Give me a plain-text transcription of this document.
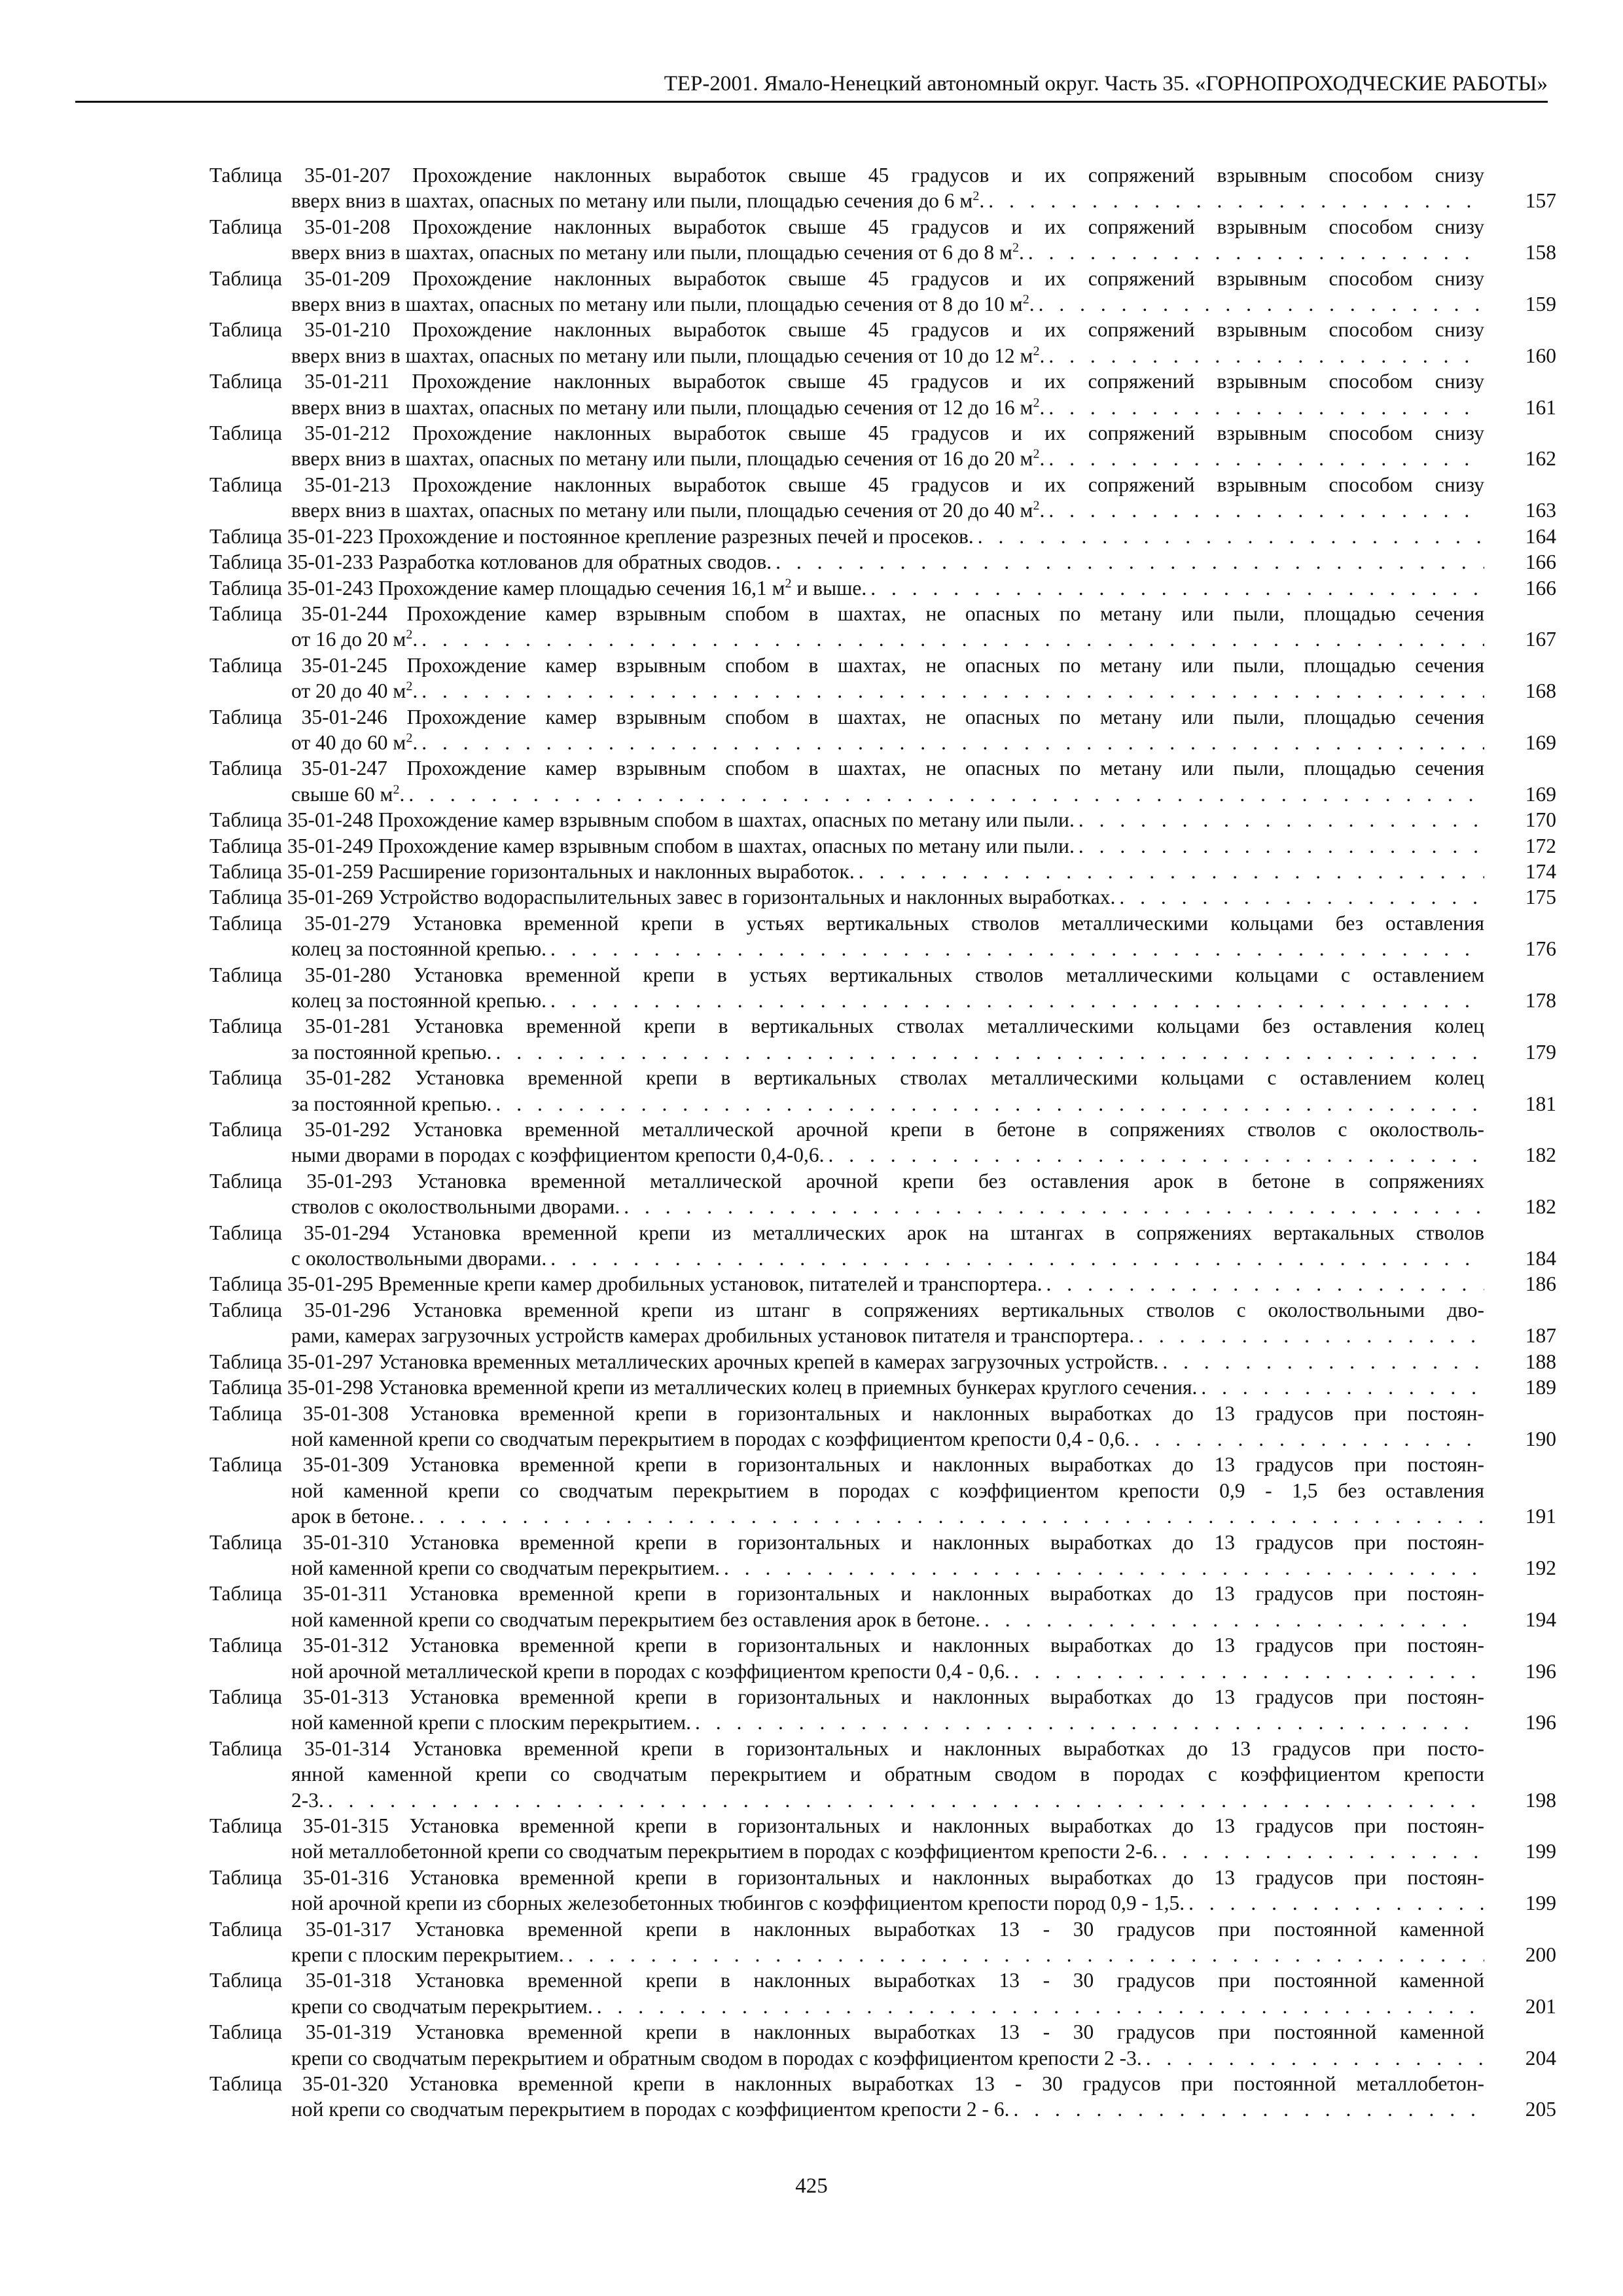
ТЕР-2001. Ямало-Ненецкий автономный округ. Часть 35. «ГОРНОПРОХОДЧЕСКИЕ РАБОТЫ»
Таблица 35-01-207 Прохождение наклонных выработок свыше 45 градусов и их сопряжений взрывным способом снизу
вверх вниз в шахтах, опасных по метану или пыли, площадью сечения до 6 $м^2$. . . .	157
Таблица 35-01-208 Прохождение наклонных выработок свыше 45 градусов и их сопряжений взрывным способом снизу
вверх вниз в шахтах, опасных по метану или пыли, площадью сечения от 6 до 8 $м^2$. . . .	158
Таблица 35-01-209 Прохождение наклонных выработок свыше 45 градусов и их сопряжений взрывным способом снизу
вверх вниз в шахтах, опасных по метану или пыли, площадью сечения от 8 до 10 $м^2$. . . .	159
Таблица 35-01-210 Прохождение наклонных выработок свыше 45 градусов и их сопряжений взрывным способом снизу
вверх вниз в шахтах, опасных по метану или пыли, площадью сечения от 10 до 12 $м^2$. . . .	160
Таблица 35-01-211 Прохождение наклонных выработок свыше 45 градусов и их сопряжений взрывным способом снизу
вверх вниз в шахтах, опасных по метану или пыли, площадью сечения от 12 до 16 $м^2$. . . .	161
Таблица 35-01-212 Прохождение наклонных выработок свыше 45 градусов и их сопряжений взрывным способом снизу
вверх вниз в шахтах, опасных по метану или пыли, площадью сечения от 16 до 20 $м^2$. . . .	162
Таблица 35-01-213 Прохождение наклонных выработок свыше 45 градусов и их сопряжений взрывным способом снизу
вверх вниз в шахтах, опасных по метану или пыли, площадью сечения от 20 до 40 $м^2$. . . .	163
Таблица 35-01-223 Прохождение и постоянное крепление разрезных печей и просеков. . . .	164
Таблица 35-01-233 Разработка котлованов для обратных сводов. . . .	166
Таблица 35-01-243 Прохождение камер площадью сечения 16,1 $м^2$ и выше. . . .	166
Таблица 35-01-244 Прохождение камер взрывным спобом в шахтах, не опасных по метану или пыли, площадью сечения
от 16 до 20 $м^2$. . . .	167
Таблица 35-01-245 Прохождение камер взрывным спобом в шахтах, не опасных по метану или пыли, площадью сечения
от 20 до 40 $м^2$. . . .	168
Таблица 35-01-246 Прохождение камер взрывным спобом в шахтах, не опасных по метану или пыли, площадью сечения
от 40 до 60 $м^2$. . . .	169
Таблица 35-01-247 Прохождение камер взрывным спобом в шахтах, не опасных по метану или пыли, площадью сечения
свыше 60 $м^2$. . . .	169
Таблица 35-01-248 Прохождение камер взрывным спобом в шахтах, опасных по метану или пыли. . . .	170
Таблица 35-01-249 Прохождение камер взрывным спобом в шахтах, опасных по метану или пыли. . . .	172
Таблица 35-01-259 Расширение горизонтальных и наклонных выработок. . . .	174
Таблица 35-01-269 Устройство водораспылительных завес в горизонтальных и наклонных выработках. . . .	175
Таблица 35-01-279 Установка временной крепи в устьях вертикальных стволов металлическими кольцами без оставления
колец за постоянной крепью. . . .	176
Таблица 35-01-280 Установка временной крепи в устьях вертикальных стволов металлическими кольцами с оставлением
колец за постоянной крепью. . . .	178
Таблица 35-01-281 Установка временной крепи в вертикальных стволах металлическими кольцами без оставления колец
за постоянной крепью. . . .	179
Таблица 35-01-282 Установка временной крепи в вертикальных стволах металлическими кольцами с оставлением колец
за постоянной крепью. . . .	181
Таблица 35-01-292 Установка временной металлической арочной крепи в бетоне в сопряжениях стволов с околостволь-
ными дворами в породах с коэффициентом крепости 0,4-0,6. . . .	182
Таблица 35-01-293 Установка временной металлической арочной крепи без оставления арок в бетоне в сопряжениях
стволов с околоствольными дворами. . . .	182
Таблица 35-01-294 Установка временной крепи из металлических арок на штангах в сопряжениях вертакальных стволов
с околоствольными дворами. . . .	184
Таблица 35-01-295 Временные крепи камер дробильных установок, питателей и транспортера. . . .	186
Таблица 35-01-296 Установка временной крепи из штанг в сопряжениях вертикальных стволов с околоствольными дво-
рами, камерах загрузочных устройств камерах дробильных установок питателя и транспортера. . . .	187
Таблица 35-01-297 Установка временных металлических арочных крепей в камерах загрузочных устройств. . . .	188
Таблица 35-01-298 Установка временной крепи из металлических колец в приемных бункерах круглого сечения. . . .	189
Таблица 35-01-308 Установка временной крепи в горизонтальных и наклонных выработках до 13 градусов при постоян-
ной каменной крепи со сводчатым перекрытием в породах с коэффициентом крепости 0,4 - 0,6. . . .	190
Таблица 35-01-309 Установка временной крепи в горизонтальных и наклонных выработках до 13 градусов при постоян-
ной каменной крепи со сводчатым перекрытием в породах с коэффициентом крепости 0,9 - 1,5 без оставления
арок в бетоне. . . .	191
Таблица 35-01-310 Установка временной крепи в горизонтальных и наклонных выработках до 13 градусов при постоян-
ной каменной крепи со сводчатым перекрытием. . . .	192
Таблица 35-01-311 Установка временной крепи в горизонтальных и наклонных выработках до 13 градусов при постоян-
ной каменной крепи со сводчатым перекрытием без оставления арок в бетоне. . . .	194
Таблица 35-01-312 Установка временной крепи в горизонтальных и наклонных выработках до 13 градусов при постоян-
ной арочной металлической крепи в породах с коэффициентом крепости 0,4 - 0,6. . . .	196
Таблица 35-01-313 Установка временной крепи в горизонтальных и наклонных выработках до 13 градусов при постоян-
ной каменной крепи с плоским перекрытием. . . .	196
Таблица 35-01-314 Установка временной крепи в горизонтальных и наклонных выработках до 13 градусов при посто-
янной каменной крепи со сводчатым перекрытием и обратным сводом в породах с коэффициентом крепости
2-3. . . .	198
Таблица 35-01-315 Установка временной крепи в горизонтальных и наклонных выработках до 13 градусов при постоян-
ной металлобетонной крепи со сводчатым перекрытием в породах с коэффициентом крепости 2-6. . . .	199
Таблица 35-01-316 Установка временной крепи в горизонтальных и наклонных выработках до 13 градусов при постоян-
ной арочной крепи из сборных железобетонных тюбингов с коэффициентом крепости пород 0,9 - 1,5. . . .	199
Таблица 35-01-317 Установка временной крепи в наклонных выработках 13 - 30 градусов при постоянной каменной
крепи с плоским перекрытием. . . .	200
Таблица 35-01-318 Установка временной крепи в наклонных выработках 13 - 30 градусов при постоянной каменной
крепи со сводчатым перекрытием. . . .	201
Таблица 35-01-319 Установка временной крепи в наклонных выработках 13 - 30 градусов при постоянной каменной
крепи со сводчатым перекрытием и обратным сводом в породах с коэффициентом крепости 2 -3. . . .	204
Таблица 35-01-320 Установка временной крепи в наклонных выработках 13 - 30 градусов при постоянной металлобетон-
ной крепи со сводчатым перекрытием в породах с коэффициентом крепости 2 - 6. . . .	205
425
